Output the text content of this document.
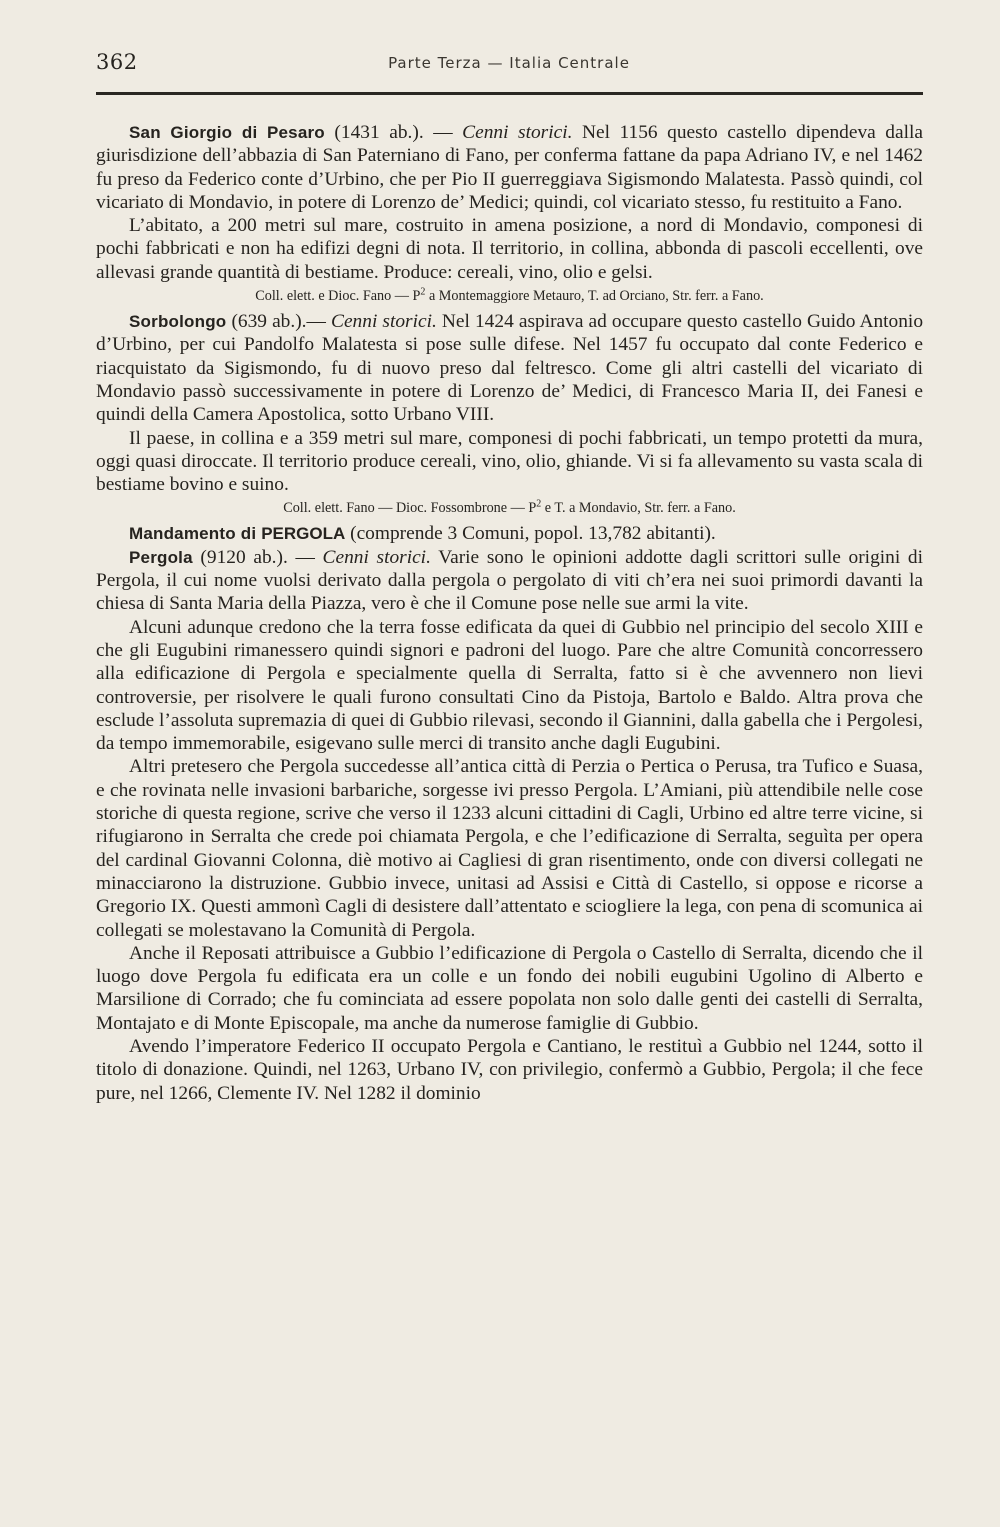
362	Parte Terza — Italia Centrale

San Giorgio di Pesaro (1431 ab.). — Cenni storici. Nel 1156 questo castello dipendeva dalla giurisdizione dell’abbazia di San Paterniano di Fano, per conferma fattane da papa Adriano IV, e nel 1462 fu preso da Federico conte d’Urbino, che per Pio II guerreggiava Sigismondo Malatesta. Passò quindi, col vicariato di Mondavio, in potere di Lorenzo de’ Medici; quindi, col vicariato stesso, fu restituito a Fano.

L’abitato, a 200 metri sul mare, costruito in amena posizione, a nord di Mondavio, componesi di pochi fabbricati e non ha edifizi degni di nota. Il territorio, in collina, abbonda di pascoli eccellenti, ove allevasi grande quantità di bestiame. Produce: cereali, vino, olio e gelsi.

Coll. elett. e Dioc. Fano — $P^2$ a Montemaggiore Metauro, T. ad Orciano, Str. ferr. a Fano.

Sorbolongo (639 ab.).— Cenni storici. Nel 1424 aspirava ad occupare questo castello Guido Antonio d’Urbino, per cui Pandolfo Malatesta si pose sulle difese. Nel 1457 fu occupato dal conte Federico e riacquistato da Sigismondo, fu di nuovo preso dal feltresco. Come gli altri castelli del vicariato di Mondavio passò successivamente in potere di Lorenzo de’ Medici, di Francesco Maria II, dei Fanesi e quindi della Camera Apostolica, sotto Urbano VIII.

Il paese, in collina e a 359 metri sul mare, componesi di pochi fabbricati, un tempo protetti da mura, oggi quasi diroccate. Il territorio produce cereali, vino, olio, ghiande. Vi si fa allevamento su vasta scala di bestiame bovino e suino.

Coll. elett. Fano — Dioc. Fossombrone — $P^2$ e T. a Mondavio, Str. ferr. a Fano.

Mandamento di PERGOLA (comprende 3 Comuni, popol. 13,782 abitanti).

Pergola (9120 ab.). — Cenni storici. Varie sono le opinioni addotte dagli scrittori sulle origini di Pergola, il cui nome vuolsi derivato dalla pergola o pergolato di viti ch’era nei suoi primordi davanti la chiesa di Santa Maria della Piazza, vero è che il Comune pose nelle sue armi la vite.

Alcuni adunque credono che la terra fosse edificata da quei di Gubbio nel principio del secolo XIII e che gli Eugubini rimanessero quindi signori e padroni del luogo. Pare che altre Comunità concorressero alla edificazione di Pergola e specialmente quella di Serralta, fatto si è che avvennero non lievi controversie, per risolvere le quali furono consultati Cino da Pistoja, Bartolo e Baldo. Altra prova che esclude l’assoluta supremazia di quei di Gubbio rilevasi, secondo il Giannini, dalla gabella che i Pergolesi, da tempo immemorabile, esigevano sulle merci di transito anche dagli Eugubini.

Altri pretesero che Pergola succedesse all’antica città di Perzia o Pertica o Perusa, tra Tufico e Suasa, e che rovinata nelle invasioni barbariche, sorgesse ivi presso Pergola. L’Amiani, più attendibile nelle cose storiche di questa regione, scrive che verso il 1233 alcuni cittadini di Cagli, Urbino ed altre terre vicine, si rifugiarono in Serralta che crede poi chiamata Pergola, e che l’edificazione di Serralta, seguìta per opera del cardinal Giovanni Colonna, diè motivo ai Cagliesi di gran risentimento, onde con diversi collegati ne minacciarono la distruzione. Gubbio invece, unitasi ad Assisi e Città di Castello, si oppose e ricorse a Gregorio IX. Questi ammonì Cagli di desistere dall’attentato e sciogliere la lega, con pena di scomunica ai collegati se molestavano la Comunità di Pergola.

Anche il Reposati attribuisce a Gubbio l’edificazione di Pergola o Castello di Serralta, dicendo che il luogo dove Pergola fu edificata era un colle e un fondo dei nobili eugubini Ugolino di Alberto e Marsilione di Corrado; che fu cominciata ad essere popolata non solo dalle genti dei castelli di Serralta, Montajato e di Monte Episcopale, ma anche da numerose famiglie di Gubbio.

Avendo l’imperatore Federico II occupato Pergola e Cantiano, le restituì a Gubbio nel 1244, sotto il titolo di donazione. Quindi, nel 1263, Urbano IV, con privilegio, confermò a Gubbio, Pergola; il che fece pure, nel 1266, Clemente IV. Nel 1282 il dominio
